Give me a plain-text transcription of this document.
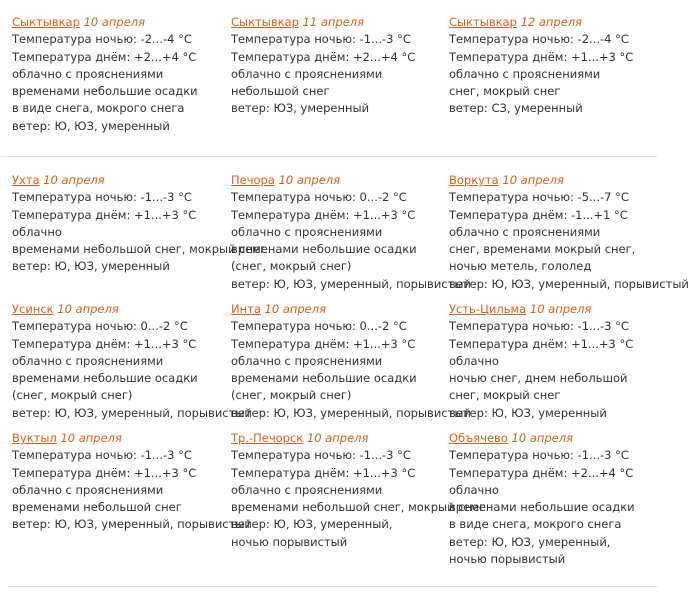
Сыктывкар 10 апреля
Температура ночью: -2...-4 °C
Температура днём: +2...+4 °C
облачно с прояснениями
временами небольшие осадки в виде снега, мокрого снега
ветер: Ю, ЮЗ, умеренный
Сыктывкар 11 апреля
Температура ночью: -1...-3 °C
Температура днём: +2...+4 °C
облачно с прояснениями
небольшой снег
ветер: ЮЗ, умеренный
Сыктывкар 12 апреля
Температура ночью: -2...-4 °C
Температура днём: +1...+3 °C
облачно с прояснениями
снег, мокрый снег
ветер: СЗ, умеренный
Ухта 10 апреля
Температура ночью: -1...-3 °C
Температура днём: +1...+3 °C
облачно
временами небольшой снег, мокрый снег
ветер: Ю, ЮЗ, умеренный
Печора 10 апреля
Температура ночью: 0...-2 °C
Температура днём: +1...+3 °C
облачно с прояснениями
временами небольшие осадки (снег, мокрый снег)
ветер: Ю, ЮЗ, умеренный, порывистый
Воркута 10 апреля
Температура ночью: -5...-7 °C
Температура днём: -1...+1 °C
облачно с прояснениями
снег, временами мокрый снег, ночью метель, гололед
ветер: Ю, ЮЗ, умеренный, порывистый
Усинск 10 апреля
Температура ночью: 0...-2 °C
Температура днём: +1...+3 °C
облачно с прояснениями
временами небольшие осадки (снег, мокрый снег)
ветер: Ю, ЮЗ, умеренный, порывистый
Инта 10 апреля
Температура ночью: 0...-2 °C
Температура днём: +1...+3 °C
облачно с прояснениями
временами небольшие осадки (снег, мокрый снег)
ветер: Ю, ЮЗ, умеренный, порывистый
Усть-Цильма 10 апреля
Температура ночью: -1...-3 °C
Температура днём: +1...+3 °C
облачно
ночью снег, днем небольшой снег, мокрый снег
ветер: Ю, ЮЗ, умеренный
Вуктыл 10 апреля
Температура ночью: -1...-3 °C
Температура днём: +1...+3 °C
облачно с прояснениями
временами небольшой снег
ветер: Ю, ЮЗ, умеренный, порывистый
Тр.-Печорск 10 апреля
Температура ночью: -1...-3 °C
Температура днём: +1...+3 °C
облачно с прояснениями
временами небольшой снег, мокрый снег
ветер: Ю, ЮЗ, умеренный, ночью порывистый
Объячево 10 апреля
Температура ночью: -1...-3 °C
Температура днём: +2...+4 °C
облачно
временами небольшие осадки в виде снега, мокрого снега
ветер: Ю, ЮЗ, умеренный, ночью порывистый
